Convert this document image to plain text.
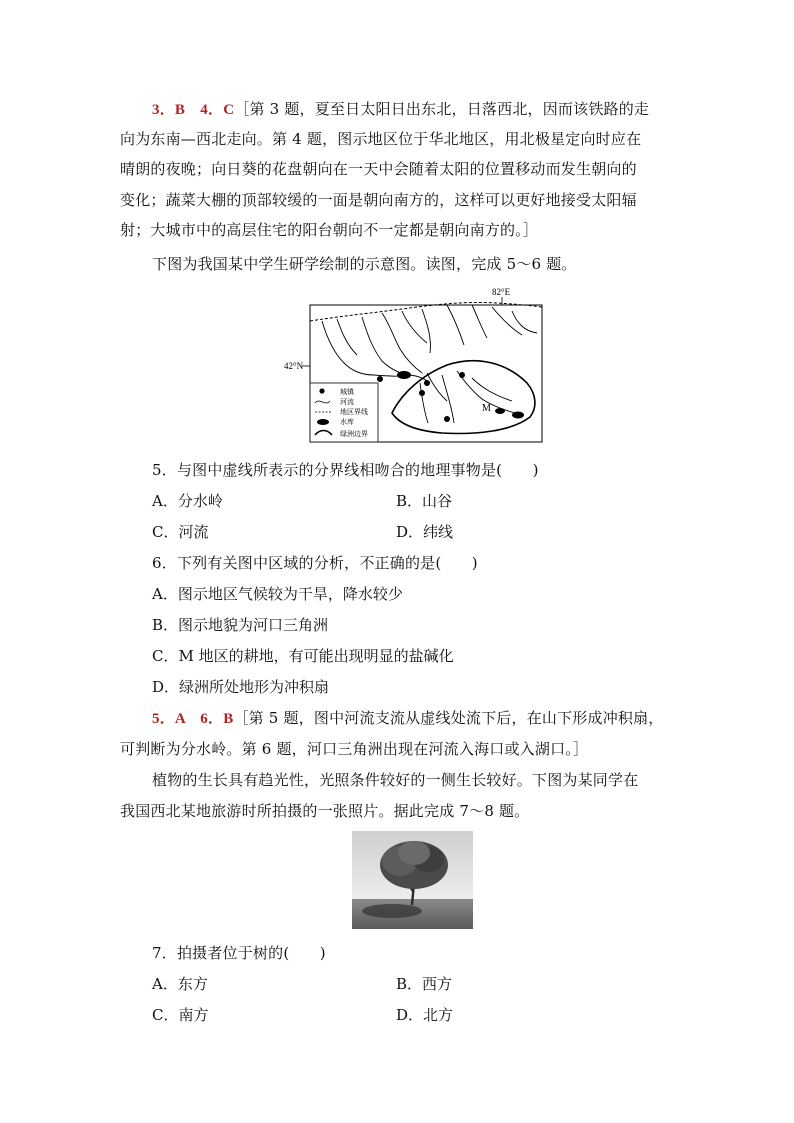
3．B　4．C［第 3 题，夏至日太阳日出东北，日落西北，因而该铁路的走
向为东南—西北走向。第 4 题，图示地区位于华北地区，用北极星定向时应在
晴朗的夜晚；向日葵的花盘朝向在一天中会随着太阳的位置移动而发生朝向的
变化；蔬菜大棚的顶部较缓的一面是朝向南方的，这样可以更好地接受太阳辐
射；大城市中的高层住宅的阳台朝向不一定都是朝向南方的。］
下图为我国某中学生研学绘制的示意图。读图，完成 5～6 题。
82°E
42°N
M
城镇
河流
地区界线
水库
绿洲边界
5．与图中虚线所表示的分界线相吻合的地理事物是(　　)
A．分水岭	B．山谷
C．河流	D．纬线
6．下列有关图中区域的分析，不正确的是(　　)
A．图示地区气候较为干旱，降水较少
B．图示地貌为河口三角洲
C．M 地区的耕地，有可能出现明显的盐碱化
D．绿洲所处地形为冲积扇
5．A　6．B［第 5 题，图中河流支流从虚线处流下后，在山下形成冲积扇，
可判断为分水岭。第 6 题，河口三角洲出现在河流入海口或入湖口。］
植物的生长具有趋光性，光照条件较好的一侧生长较好。下图为某同学在
我国西北某地旅游时所拍摄的一张照片。据此完成 7～8 题。
7．拍摄者位于树的(　　)
A．东方	B．西方
C．南方	D．北方
